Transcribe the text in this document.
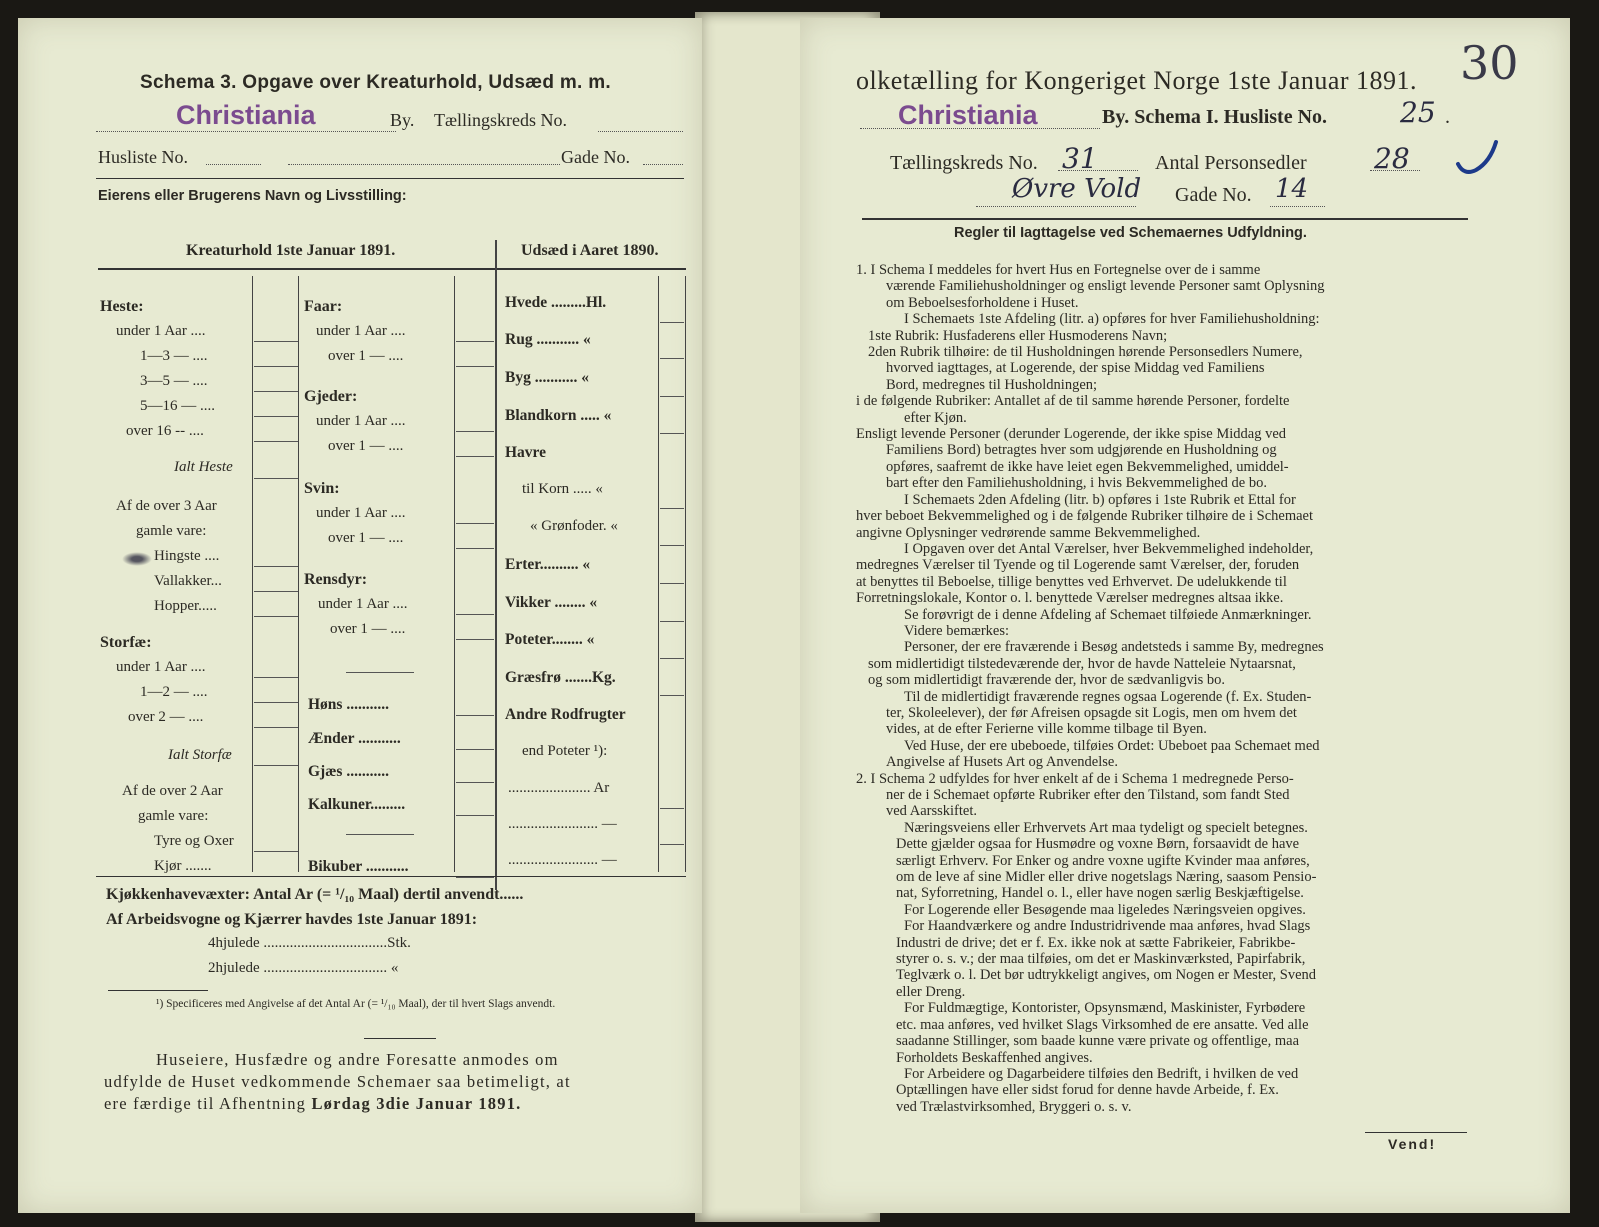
Schema 3. Opgave over Kreaturhold, Udsæd m. m.
Christiania	By. Tællingskreds No.
Husliste No.	Gade No.
Eierens eller Brugerens Navn og Livsstilling:
Kreaturhold 1ste Januar 1891.	Udsæd i Aaret 1890.
Heste:
under 1 Aar ....
1—3 — ....
3—5 — ....
5—16 — ....
over 16 -- ....
Ialt Heste
Af de over 3 Aar
gamle vare:
Hingste ....
Vallakker...
Hopper.....
Storfæ:
under 1 Aar ....
1—2 — ....
over 2 — ....
Ialt Storfæ
Af de over 2 Aar
gamle vare:
Tyre og Oxer
Kjør .......
Faar:
under 1 Aar ....
over 1 — ....
Gjeder:
under 1 Aar ....
over 1 — ....
Svin:
under 1 Aar ....
over 1 — ....
Rensdyr:
under 1 Aar ....
over 1 — ....
Høns ...........
Ænder ...........
Gjæs ...........
Kalkuner.........
Bikuber ...........
Hvede .........Hl.
Rug ........... «
Byg ........... «
Blandkorn ..... «
Havre
til Korn ..... «
« Grønfoder. «
Erter.......... «
Vikker ........ «
Poteter........ «
Græsfrø .......Kg.
Andre Rodfrugter
end Poteter ¹):
...................... Ar
........................ —
........................ —
Kjøkkenhavevæxter: Antal Ar (= ¹/₁₀ Maal) dertil anvendt......
Af Arbeidsvogne og Kjærrer havdes 1ste Januar 1891:
4hjulede .................................Stk.
2hjulede ................................. «
¹) Specificeres med Angivelse af det Antal Ar (= ¹/₁₀ Maal), der til hvert Slags anvendt.
Huseiere, Husfædre og andre Foresatte anmodes om
udfylde de Huset vedkommende Schemaer saa betimeligt, at
ere færdige til Afhentning Lørdag 3die Januar 1891.
olketælling for Kongeriget Norge 1ste Januar 1891. 30
Christiania	By. Schema I. Husliste No.	25 .
Tællingskreds No. 31	Antal Personsedler 28
Øvre Vold Gade No. 14
Regler til Iagttagelse ved Schemaernes Udfyldning.
1. I Schema I meddeles for hvert Hus en Fortegnelse over de i samme
værende Familiehusholdninger og ensligt levende Personer samt Oplysning
om Beboelsesforholdene i Huset.
I Schemaets 1ste Afdeling (litr. a) opføres for hver Familiehusholdning:
1ste Rubrik: Husfaderens eller Husmoderens Navn;
2den Rubrik tilhøire: de til Husholdningen hørende Personsedlers Numere,
hvorved iagttages, at Logerende, der spise Middag ved Familiens
Bord, medregnes til Husholdningen;
i de følgende Rubriker: Antallet af de til samme hørende Personer, fordelte
efter Kjøn.
Ensligt levende Personer (derunder Logerende, der ikke spise Middag ved
Familiens Bord) betragtes hver som udgjørende en Husholdning og
opføres, saafremt de ikke have leiet egen Bekvemmelighed, umiddel-
bart efter den Familiehusholdning, i hvis Bekvemmelighed de bo.
I Schemaets 2den Afdeling (litr. b) opføres i 1ste Rubrik et Ettal for
hver beboet Bekvemmelighed og i de følgende Rubriker tilhøire de i Schemaet
angivne Oplysninger vedrørende samme Bekvemmelighed.
I Opgaven over det Antal Værelser, hver Bekvemmelighed indeholder,
medregnes Værelser til Tyende og til Logerende samt Værelser, der, foruden
at benyttes til Beboelse, tillige benyttes ved Erhvervet. De udelukkende til
Forretningslokale, Kontor o. l. benyttede Værelser medregnes altsaa ikke.
Se forøvrigt de i denne Afdeling af Schemaet tilføiede Anmærkninger.
Videre bemærkes:
Personer, der ere fraværende i Besøg andetsteds i samme By, medregnes
som midlertidigt tilstedeværende der, hvor de havde Natteleie Nytaarsnat,
og som midlertidigt fraværende der, hvor de sædvanligvis bo.
Til de midlertidigt fraværende regnes ogsaa Logerende (f. Ex. Studen-
ter, Skoleelever), der før Afreisen opsagde sit Logis, men om hvem det
vides, at de efter Ferierne ville komme tilbage til Byen.
Ved Huse, der ere ubeboede, tilføies Ordet: Ubeboet paa Schemaet med
Angivelse af Husets Art og Anvendelse.
2. I Schema 2 udfyldes for hver enkelt af de i Schema 1 medregnede Perso-
ner de i Schemaet opførte Rubriker efter den Tilstand, som fandt Sted
ved Aarsskiftet.
Næringsveiens eller Erhvervets Art maa tydeligt og specielt betegnes.
Dette gjælder ogsaa for Husmødre og voxne Børn, forsaavidt de have
særligt Erhverv. For Enker og andre voxne ugifte Kvinder maa anføres,
om de leve af sine Midler eller drive nogetslags Næring, saasom Pensio-
nat, Syforretning, Handel o. l., eller have nogen særlig Beskjæftigelse.
For Logerende eller Besøgende maa ligeledes Næringsveien opgives.
For Haandværkere og andre Industridrivende maa anføres, hvad Slags
Industri de drive; det er f. Ex. ikke nok at sætte Fabrikeier, Fabrikbe-
styrer o. s. v.; der maa tilføies, om det er Maskinværksted, Papirfabrik,
Teglværk o. l. Det bør udtrykkeligt angives, om Nogen er Mester, Svend
eller Dreng.
For Fuldmægtige, Kontorister, Opsynsmænd, Maskinister, Fyrbødere
etc. maa anføres, ved hvilket Slags Virksomhed de ere ansatte. Ved alle
saadanne Stillinger, som baade kunne være private og offentlige, maa
Forholdets Beskaffenhed angives.
For Arbeidere og Dagarbeidere tilføies den Bedrift, i hvilken de ved
Optællingen have eller sidst forud for denne havde Arbeide, f. Ex.
ved Trælastvirksomhed, Bryggeri o. s. v.
Vend!
